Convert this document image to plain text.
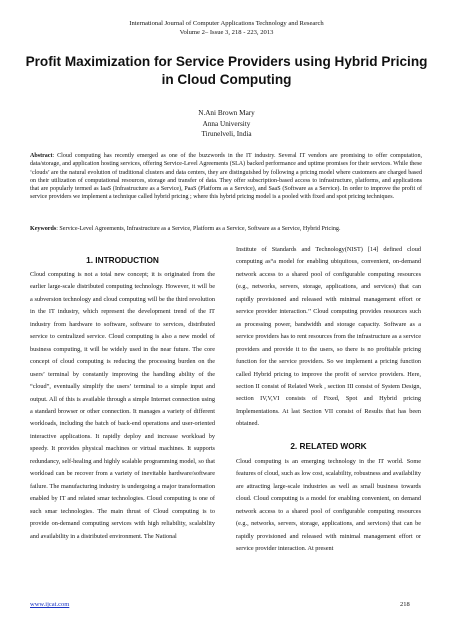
International Journal of Computer Applications Technology and Research
Volume 2– Issue 3, 218 - 223, 2013
Profit Maximization for Service Providers using Hybrid Pricing in Cloud Computing
N.Ani Brown Mary
Anna University
Tirunelveli, India

Abstract: Cloud computing has recently emerged as one of the buzzwords in the IT industry. Several IT vendors are promising to offer computation, data/storage, and application hosting services, offering Service-Level Agreements (SLA) backed performance and uptime promises for their services. While these ‘clouds’ are the natural evolution of traditional clusters and data centers, they are distinguished by following a pricing model where customers are charged based on their utilization of computational resources, storage and transfer of data. They offer subscription-based access to infrastructure, platforms, and applications that are popularly termed as IaaS (Infrastructure as a Service), PaaS (Platform as a Service), and SaaS (Software as a Service). In order to improve the profit of service providers we implement a technique called hybrid pricing ; where this hybrid pricing model is a pooled with fixed and spot pricing techniques.

Keywords: Service-Level Agreements, Infrastructure as a Service, Platform as a Service, Software as a Service, Hybrid Pricing.

1. INTRODUCTION

Cloud computing is not a total new concept; it is originated from the earlier large-scale distributed computing technology. However, it will be a subversion technology and cloud computing will be the third revolution in the IT industry, which represent the development trend of the IT industry from hardware to software, software to services, distributed service to centralized service. Cloud computing is also a new model of business computing, it will be widely used in the near future. The core concept of cloud computing is reducing the processing burden on the users’ terminal by constantly improving the handling ability of the “cloud”, eventually simplify the users’ terminal to a simple input and output. All of this is available through a simple Internet connection using a standard browser or other connection. It manages a variety of different workloads, including the batch of back-end operations and user-oriented interactive applications. It rapidly deploy and increase workload by speedy. It provides physical machines or virtual machines. It supports redundancy, self-healing and highly scalable programming model, so that workload can be recover from a variety of inevitable hardware/software failure. The manufacturing industry is undergoing a major transformation enabled by IT and related smar technologies. Cloud computing is one of such smar technologies. The main thrust of Cloud computing is to provide on-demand computing services with high reliability, scalability and availability in a distributed environment. The National

Institute of Standards and Technology(NIST) [14] defined cloud computing as“a model for enabling ubiquitous, convenient, on-demand network access to a shared pool of configurable computing resources (e.g., networks, servers, storage, applications, and services) that can rapidly provisioned and released with minimal management effort or service provider interaction.’’ Cloud computing provides resources such as processing power, bandwidth and storage capacity. Software as a service providers has to rent resources from the infrastructure as a service providers and provide it to the users, so there is no profitable pricing function for the service providers. So we implement a pricing function called Hybrid pricing to improve the profit of service providers. Here, section II consist of Related Work , section III consist of System Design, section IV,V,VI consists of Fixed, Spot and Hybrid pricing Implementations. At last Section VII consist of Results that has been obtained.

2. RELATED WORK

Cloud computing is an emerging technology in the IT world. Some features of cloud, such as low cost, scalability, robustness and availability are attracting large-scale industries as well as small business towards cloud. Cloud computing is a model for enabling convenient, on demand network access to a shared pool of configurable computing resources (e.g., networks, servers, storage, applications, and services) that can be rapidly provisioned and released with minimal management effort or service provider interaction. At present

www.ijcat.com	218
